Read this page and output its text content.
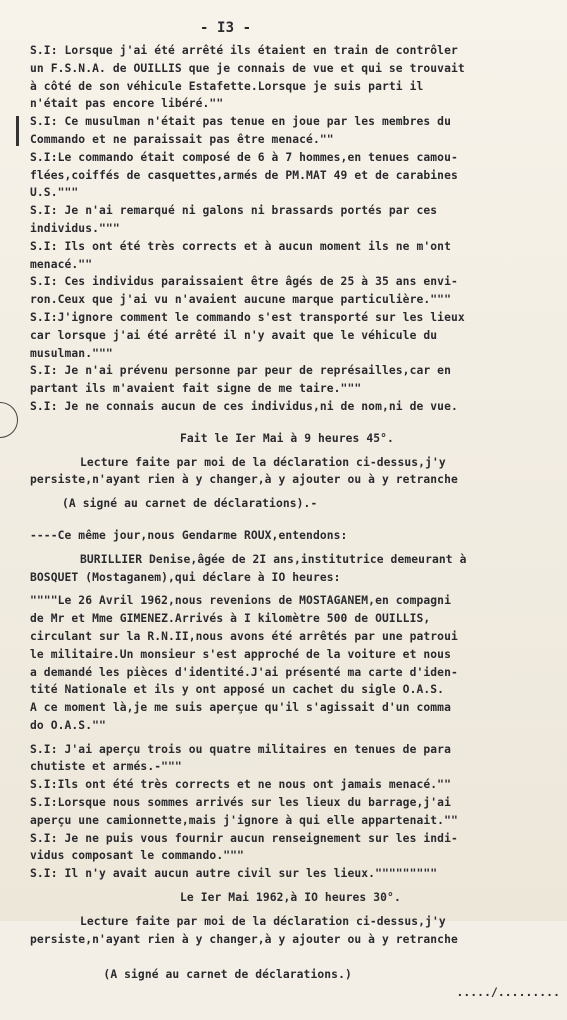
- I3 -
S.I: Lorsque j'ai été arrêté ils étaient en train de contrôler
un F.S.N.A. de OUILLIS que je connais de vue et qui se trouvait
à côté de son véhicule Estafette.Lorsque je suis parti il
n'était pas encore libéré.""
S.I: Ce musulman n'était pas tenue en joue par les membres du
Commando et ne paraissait pas être menacé.""
S.I:Le commando était composé de 6 à 7 hommes,en tenues camou-
flées,coiffés de casquettes,armés de PM.MAT 49 et de carabines
U.S."""
S.I: Je n'ai remarqué ni galons ni brassards portés par ces
individus."""
S.I: Ils ont été très corrects et à aucun moment ils ne m'ont
menacé.""
S.I: Ces individus paraissaient être âgés de 25 à 35 ans envi-
ron.Ceux que j'ai vu n'avaient aucune marque particulière."""
S.I:J'ignore comment le commando s'est transporté sur les lieux
car lorsque j'ai été arrêté il n'y avait que le véhicule du
musulman."""
S.I: Je n'ai prévenu personne par peur de représailles,car en
partant ils m'avaient fait signe de me taire."""
S.I: Je ne connais aucun de ces individus,ni de nom,ni de vue.
Fait le Ier Mai à 9 heures 45°.
Lecture faite par moi de la déclaration ci-dessus,j'y
persiste,n'ayant rien à y changer,à y ajouter ou à y retranche
(A signé au carnet de déclarations).-
----Ce même jour,nous Gendarme ROUX,entendons:
BURILLIER Denise,âgée de 2I ans,institutrice demeurant à
BOSQUET (Mostaganem),qui déclare à IO heures:
""""Le 26 Avril 1962,nous revenions de MOSTAGANEM,en compagni
de Mr et Mme GIMENEZ.Arrivés à I kilomètre 500 de OUILLIS,
circulant sur la R.N.II,nous avons été arrêtés par une patroui
le militaire.Un monsieur s'est approché de la voiture et nous
a demandé les pièces d'identité.J'ai présenté ma carte d'iden-
tité Nationale et ils y ont apposé un cachet du sigle O.A.S.
A ce moment là,je me suis aperçue qu'il s'agissait d'un comma
do O.A.S.""
S.I: J'ai aperçu trois ou quatre militaires en tenues de para
chutiste et armés.-"""
S.I:Ils ont été très corrects et ne nous ont jamais menacé.""
S.I:Lorsque nous sommes arrivés sur les lieux du barrage,j'ai
aperçu une camionnette,mais j'ignore à qui elle appartenait.""
S.I: Je ne puis vous fournir aucun renseignement sur les indi-
vidus composant le commando."""
S.I: Il n'y avait aucun autre civil sur les lieux."""""""""
Le Ier Mai 1962,à IO heures 30°.
Lecture faite par moi de la déclaration ci-dessus,j'y
persiste,n'ayant rien à y changer,à y ajouter ou à y retranche

(A signé au carnet de déclarations.)

...../.........
